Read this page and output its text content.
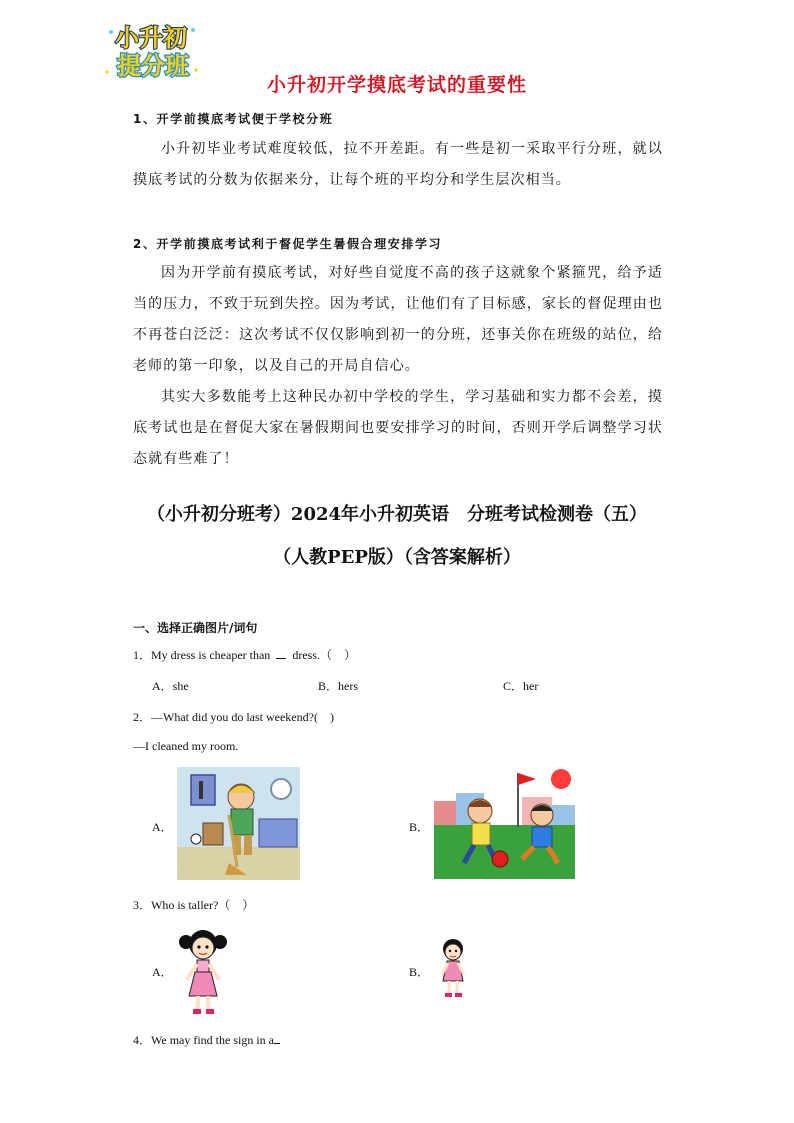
小升初
提分班
小升初开学摸底考试的重要性
1、开学前摸底考试便于学校分班
小升初毕业考试难度较低，拉不开差距。有一些是初一采取平行分班，就以摸底考试的分数为依据来分，让每个班的平均分和学生层次相当。
2、开学前摸底考试利于督促学生暑假合理安排学习
因为开学前有摸底考试，对好些自觉度不高的孩子这就象个紧箍咒，给予适当的压力，不致于玩到失控。因为考试，让他们有了目标感，家长的督促理由也不再苍白泛泛：这次考试不仅仅影响到初一的分班，还事关你在班级的站位，给老师的第一印象，以及自己的开局自信心。
其实大多数能考上这种民办初中学校的学生，学习基础和实力都不会差，摸底考试也是在督促大家在暑假期间也要安排学习的时间，否则开学后调整学习状态就有些难了！
（小升初分班考）2024年小升初英语　分班考试检测卷（五）
（人教PEP版）（含答案解析）
一、选择正确图片/词句
1．My dress is cheaper than dress.（　）
A．she	B．hers	C．her
2．—What did you do last weekend?(　)
—I cleaned my room.
A．	B．
3．Who is taller?（　）
A．	B．
4．We may find the sign in a
